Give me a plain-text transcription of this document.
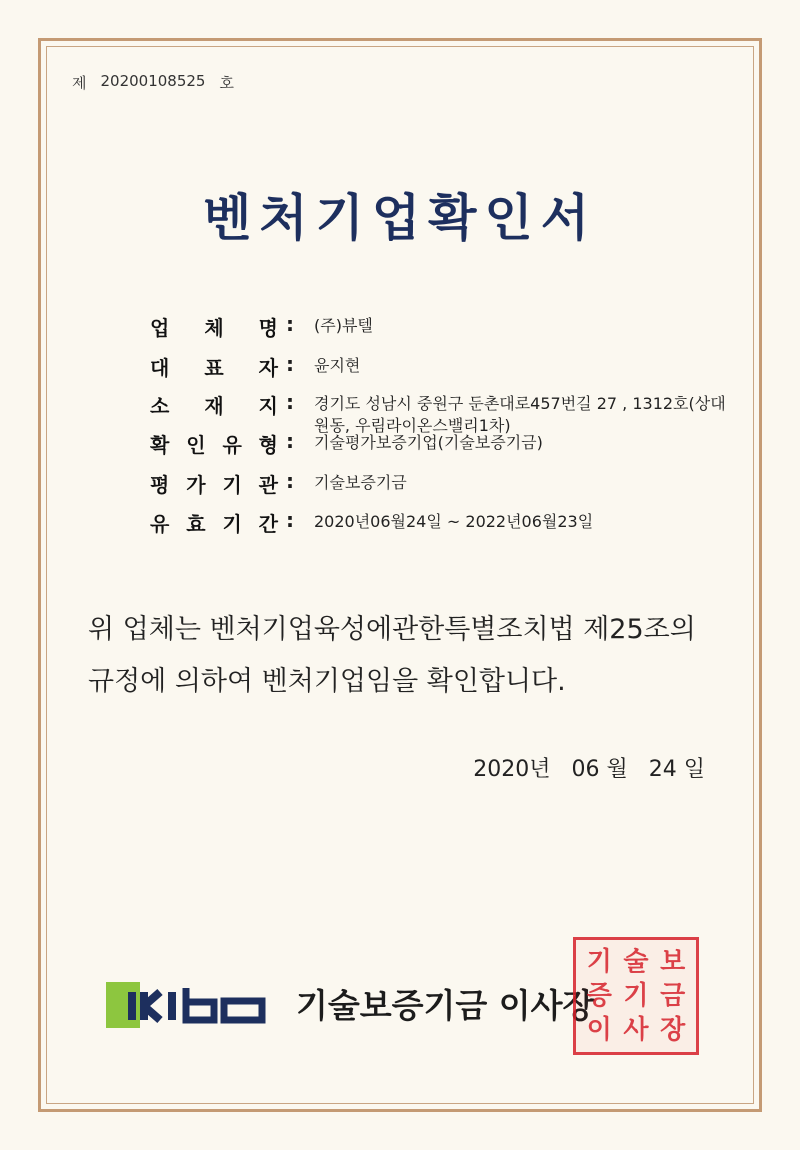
제 20200108525 호
벤처기업확인서
업 체 명 : (주)뷰텔
대 표 자 : 윤지현
소 재 지 : 경기도 성남시 중원구 둔촌대로457번길 27 , 1312호(상대원동, 우림라이온스밸리1차)
확 인 유 형 : 기술평가보증기업(기술보증기금)
평 가 기 관 : 기술보증기금
유 효 기 간 : 2020년06월24일 ~ 2022년06월23일
위 업체는 벤처기업육성에관한특별조치법 제25조의
규정에 의하여 벤처기업임을 확인합니다.
2020년 06 월 24 일
기술보증기금 이사장
기 술 보
증 기 금
이 사 장
